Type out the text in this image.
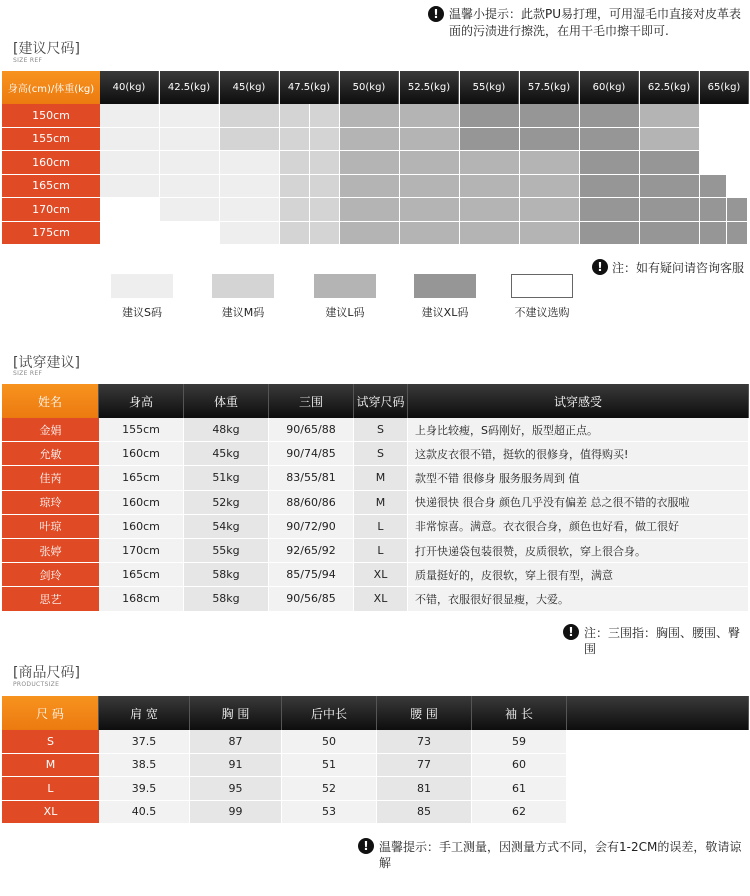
! 温馨小提示：此款PU易打理，可用湿毛巾直接对皮革表
面的污渍进行擦洗，在用干毛巾擦干即可.
[建议尺码]
SIZE REF
身高(cm)/体重(kg)	40(kg)	42.5(kg)	45(kg)	47.5(kg)	50(kg)	52.5(kg)	55(kg)	57.5(kg)	60(kg)	62.5(kg)	65(kg)
150cm
155cm
160cm
165cm
170cm
175cm
! 注：如有疑问请咨询客服
建议S码	建议M码	建议L码	建议XL码	不建议选购
[试穿建议]
SIZE REF
姓名	身高	体重	三围	试穿尺码	试穿感受
金娟	155cm	48kg	90/65/88	S	上身比较瘦，S码刚好，版型超正点。
允敏	160cm	45kg	90/74/85	S	这款皮衣很不错，挺软的很修身，值得购买!
佳芮	165cm	51kg	83/55/81	M	款型不错 很修身 服务服务周到 值
琼玲	160cm	52kg	88/60/86	M	快递很快 很合身 颜色几乎没有偏差 总之很不错的衣服啦
叶琼	160cm	54kg	90/72/90	L	非常惊喜。满意。衣衣很合身，颜色也好看，做工很好
张婷	170cm	55kg	92/65/92	L	打开快递袋包装很赞，皮质很软，穿上很合身。
剑玲	165cm	58kg	85/75/94	XL	质量挺好的，皮很软，穿上很有型，满意
思艺	168cm	58kg	90/56/85	XL	不错，衣服很好很显瘦，大爱。
! 注：三围指：胸围、腰围、臀围
[商品尺码]
PRODUCTSIZE
尺 码	肩 宽	胸 围	后中长	腰 围	袖 长
S	37.5	87	50	73	59
M	38.5	91	51	77	60
L	39.5	95	52	81	61
XL	40.5	99	53	85	62
! 温馨提示：手工测量，因测量方式不同，会有1-2CM的误差，敬请谅解
